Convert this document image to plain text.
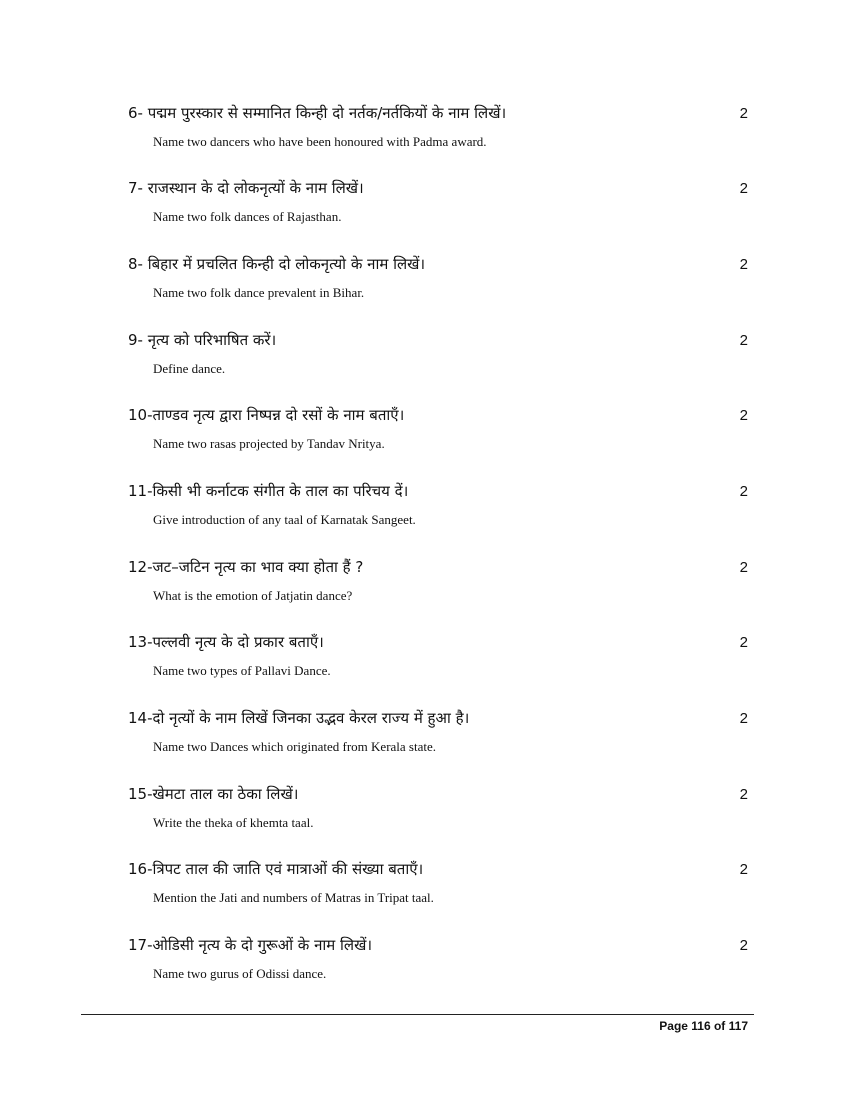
6- पद्मम पुरस्कार से सम्मानित किन्ही दो नर्तक/नर्तकियों के नाम लिखें।	2
Name two dancers who have been honoured with Padma award.
7- राजस्थान के दो लोकनृत्यों के नाम लिखें।	2
Name two folk dances of Rajasthan.
8- बिहार में प्रचलित किन्ही दो लोकनृत्यो के नाम लिखें।	2
Name two folk dance prevalent in Bihar.
9- नृत्य को परिभाषित करें।	2
Define dance.
10-ताण्डव नृत्य द्वारा निष्पन्न दो रसों के नाम बताएँ।	2
Name two rasas projected by Tandav Nritya.
11-किसी भी कर्नाटक संगीत के ताल का परिचय दें।	2
Give introduction of any taal of Karnatak Sangeet.
12-जट–जटिन नृत्य का भाव क्या होता हैं ?	2
What is the emotion of Jatjatin dance?
13-पल्लवी नृत्य के दो प्रकार बताएँ।	2
Name two types of Pallavi Dance.
14-दो नृत्यों के नाम लिखें जिनका उद्भव केरल राज्य में हुआ है।	2
Name two Dances which originated from Kerala state.
15-खेमटा ताल का ठेका लिखें।	2
Write the theka of khemta taal.
16-त्रिपट ताल की जाति एवं मात्राओं की संख्या बताएँ।	2
Mention the Jati and numbers of Matras in Tripat taal.
17-ओडिसी नृत्य के दो गुरूओं के नाम लिखें।	2
Name two gurus of Odissi dance.
Page 116 of 117
